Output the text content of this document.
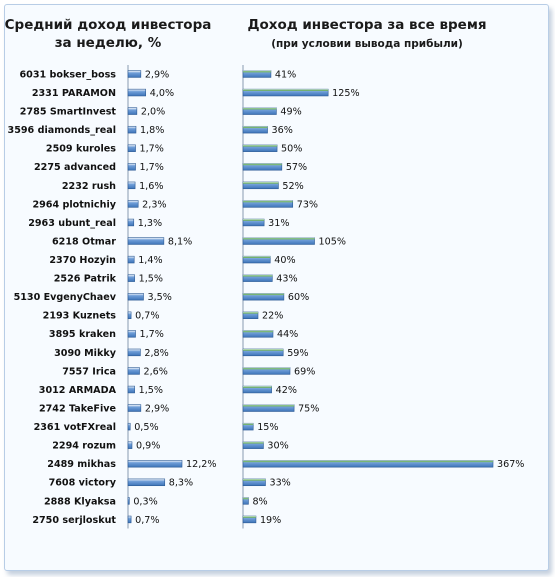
Средний доход инвестора за неделю, %
Доход инвестора за все время
(при условии вывода прибыли)
6031 bokser_boss	2,9%	41%
2331 PARAMON	4,0%	125%
2785 SmartInvest	2,0%	49%
3596 diamonds_real 1,8%	36%
2509 kuroles 1,7%	50%
2275 advanced 1,7%	57%
2232 rush 1,6%	52%
2964 plotnichiy	2,3%	73%
2963 ubunt_real 1,3%	31%
6218 Otmar	8,1%	105%
2370 Hozyin 1,4%	40%
2526 Patrik 1,5%	43%
5130 EvgenyChaev	3,5%	60%
2193 Kuznets 0,7%	22%
3895 kraken 1,7%	44%
3090 Mikky	2,8%	59%
7557 Irica	2,6%	69%
3012 ARMADA 1,5%	42%
2742 TakeFive	2,9%	75%
2361 votFXreal 0,5%	15%
2294 rozum 0,9%	30%
2489 mikhas	12,2%	367%
7608 victory	8,3%	33%
2888 Klyaksa 0,3%	8%
2750 serjloskut 0,7%	19%
